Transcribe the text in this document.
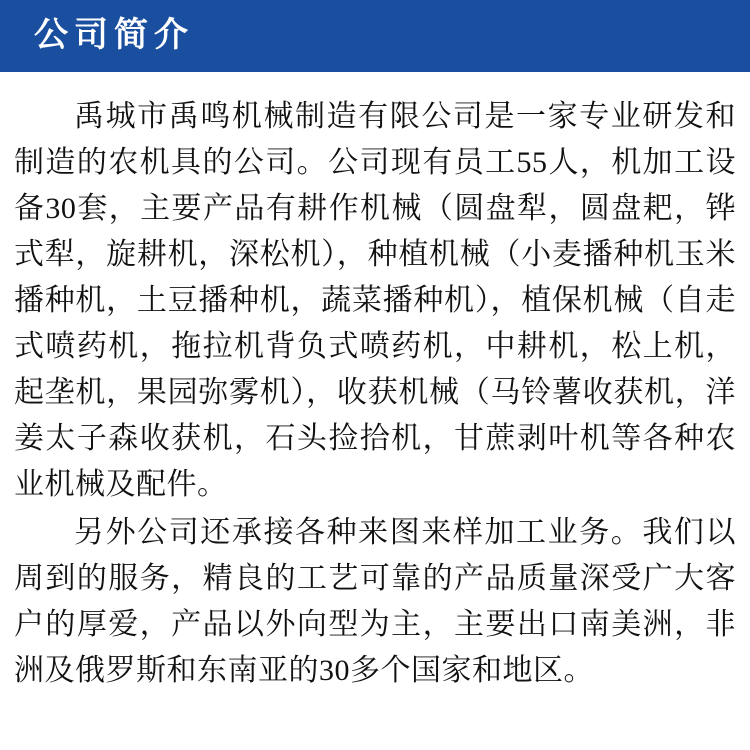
公司简介

禹城市禹鸣机械制造有限公司是一家专业研发和制造的农机具的公司。公司现有员工55人，机加工设备30套，主要产品有耕作机械（圆盘犁，圆盘耙，铧式犁，旋耕机，深松机），种植机械（小麦播种机玉米播种机，土豆播种机，蔬菜播种机），植保机械（自走式喷药机，拖拉机背负式喷药机，中耕机，松上机，起垄机，果园弥雾机），收获机械（马铃薯收获机，洋姜太子森收获机，石头捡拾机，甘蔗剥叶机等各种农业机械及配件。

另外公司还承接各种来图来样加工业务。我们以周到的服务，精良的工艺可靠的产品质量深受广大客户的厚爱，产品以外向型为主，主要出口南美洲，非洲及俄罗斯和东南亚的30多个国家和地区。
